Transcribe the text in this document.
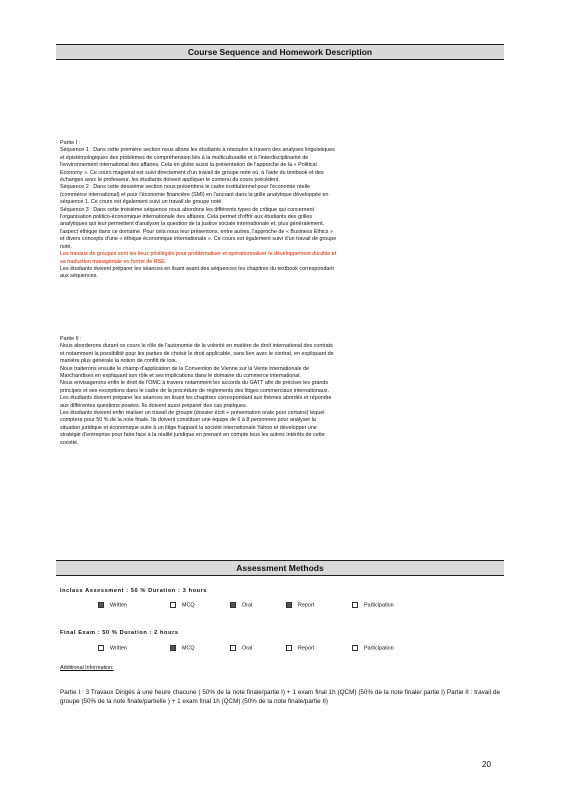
Course Sequence and Homework Description
Partie I :
Séquence 1 : Dans cette première section nous allons les étudiants à résoudre à travers des analyses linguistiques
et épistémologiques des problèmes de compréhension liés à la multiculturalité et à l'interdisciplinarité de
l'environnement international des affaires. Cela en globe aussi la présentation de l'approche de la « Political
Economy ». Ce cours magistral est suivi directement d'un travail de groupe noté où, à l'aide du textbook et des
échanges avec le professeur, les étudiants doivent appliquer le contenu du cours précédent.
Séquence 2 : Dans cette deuxième section nous présentons le cadre institutionnel pour l'économie réelle
(commerce international) et pour l'économie financière (SMI) en l'ancrant dans la grille analytique développée en
séquence 1. Ce cours est également suivi un travail de groupe noté.
Séquence 3 : Dans cette troisième séquence nous abordons les différents types de critique qui concernent
l'organisation politico-économique internationale des affaires. Cela permet d'offrir aux étudiants des grilles
analytiques qui leur permettent d'analyser la question de la justice sociale internationale et, plus généralement,
l'aspect éthique dans ce domaine. Pour cela nous leur présentons, entre autres, l'approche de « Business Ethics »
et divers concepts d'une « éthique économique internationale ». Ce cours est également suivi d'un travail de groupe
noté.
Les travaux de groupes sont les lieux privilégiés pour problématiser et opérationnaliser le développement durable et
sa traduction managériale en forme de RSE.
Les étudiants doivent préparer les séances en lisant avant des séquences les chapitres du textbook correspondant
aux séquences.
Partie II :
Nous aborderons durant ce cours le rôle de l'autonomie de la volonté en matière de droit international des contrats
et notamment la possibilité pour les parties de choisir le droit applicable, sans lien avec le contrat, en expliquant de
manière plus générale la notion de conflit de lois.
Nous traiterons ensuite le champ d'application de la Convention de Vienne sur la Vente internationale de
Marchandises en expliquant son rôle et ses implications dans le domaine du commerce international.
Nous envisagerons enfin le droit de l'OMC à travers notamment les accords du GATT afin de préciser les grands
principes et ses exceptions dans le cadre de la procédure de règlements des litiges commerciaux internationaux.
Les étudiants doivent préparer les séances en lisant les chapitres correspondant aux thèmes abordés et répondre
aux différentes questions posées. Ils doivent aussi préparer des cas pratiques.
Les étudiants doivent enfin réaliser un travail de groupe (dossier écrit + présentation orale pour certains) lequel
comptera pour 50 % de la note finale. Ils doivent constituer une équipe de 6 à 8 personnes pour analyser la
situation juridique et économique suite à un litige frappant la société internationale Yahoo et développer une
stratégie d'entreprise pour faire face à la réalité juridique en prenant en compte tous les autres intérêts de cette
société.
Assessment Methods
Inclass Assessment : 50 % Duration : 3 hours
Written	MCQ	Oral	Report	Participation
Final Exam : 50 % Duration : 2 hours
Written	MCQ	Oral	Report	Participation
Additional Information:
Partie I : 3 Travaux Dirigés à une heure chacune ( 50% de la note finale/partie I) + 1 exam final 1h (QCM) (50% de la note finale/ partie I) Partie II : travail de groupe (50% de la note finale/partielle ) + 1 exam final 1h (QCM) (50% de la note finale/partie II)
20
